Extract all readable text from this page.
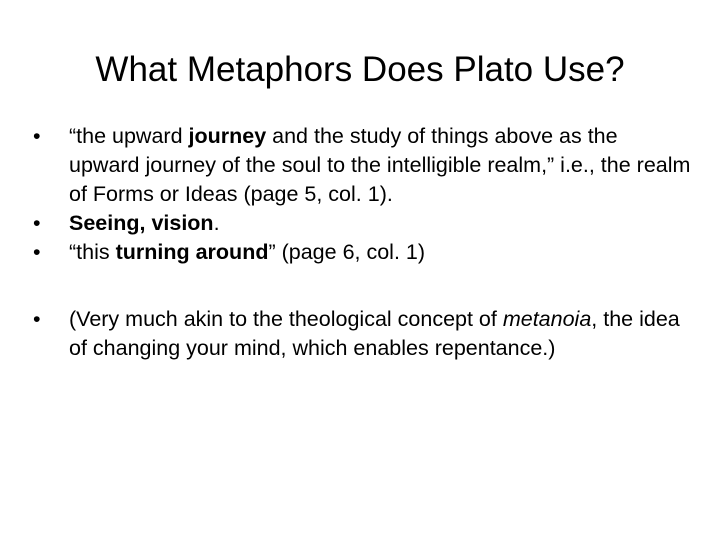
What Metaphors Does Plato Use?
•	“the upward journey and the study of things above as the upward journey of the soul to the intelligible realm,” i.e., the realm of Forms or Ideas (page 5, col. 1).
•	Seeing, vision.
•	“this turning around” (page 6, col. 1)
•	(Very much akin to the theological concept of metanoia, the idea of changing your mind, which enables repentance.)
